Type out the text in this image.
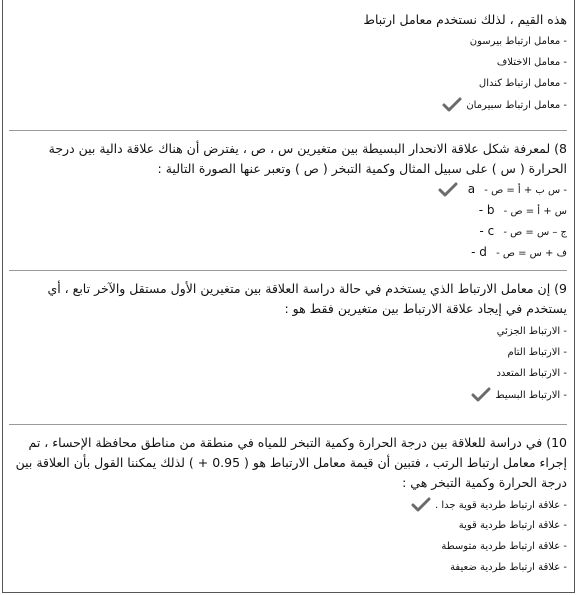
هذه القيم ، لذلك نستخدم معامل ارتباط

- معامل ارتباط بيرسون

- معامل الاختلاف

- معامل ارتباط كندال

- معامل ارتباط سبيرمان

8) لمعرفة شكل علاقة الانحدار البسيطة بين متغيرين س ، ص ، يفترض أن هناك علاقة دالية بين درجة الحرارة ( س ) على سبيل المثال وكمية التبخر ( ص ) وتعبر عنها الصورة التالية :

- س ب + أ = ص - a

س + أ = ص - b -

ج – س = ص - c -

ف + س = ص - d -

9) إن معامل الارتباط الذي يستخدم في حالة دراسة العلاقة بين متغيرين الأول مستقل والآخر تابع ، أي يستخدم في إيجاد علاقة الارتباط بين متغيرين فقط هو :

- الارتباط الجزئي

- الارتباط التام

- الارتباط المتعدد

- الارتباط البسيط

10) في دراسة للعلاقة بين درجة الحرارة وكمية التبخر للمياه في منطقة من مناطق محافظة الإحساء ، تم إجراء معامل ارتباط الرتب ، فتبين أن قيمة معامل الارتباط هو ( 0.95 + ) لذلك يمكننا القول بأن العلاقة بين درجة الحرارة وكمية التبخر هي :

- علاقة ارتباط طردية قوية جدا .

- علاقة ارتباط طردية قوية

- علاقة ارتباط طردية متوسطة

- علاقة ارتباط طردية ضعيفة
